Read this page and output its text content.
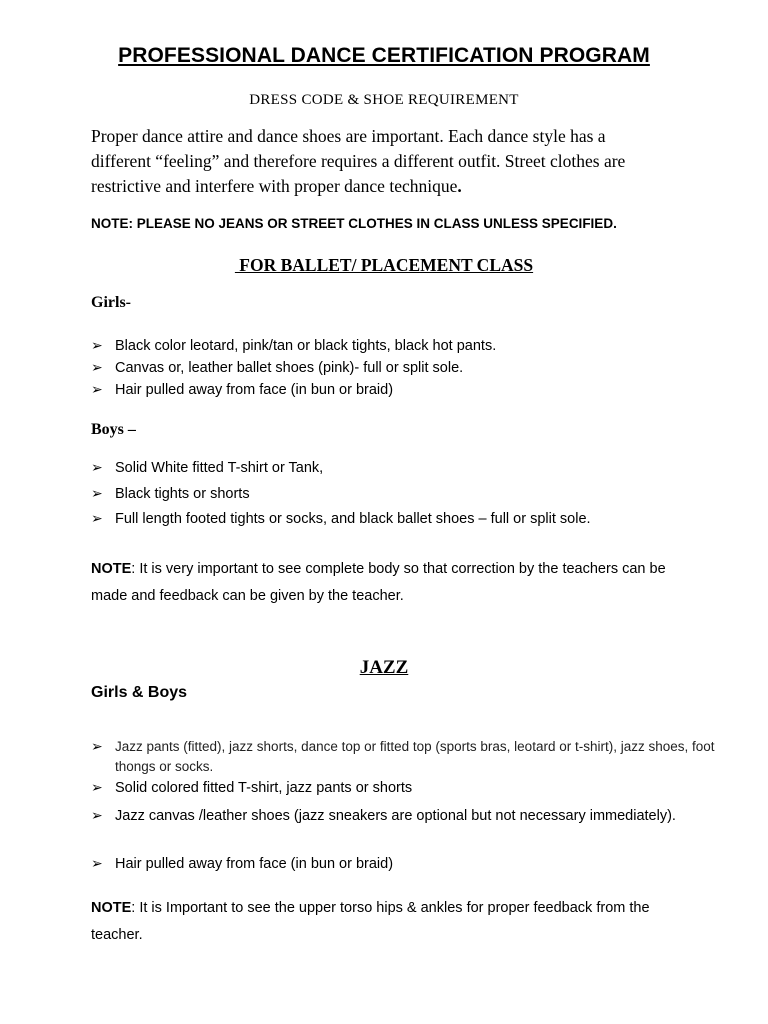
PROFESSIONAL DANCE CERTIFICATION PROGRAM
DRESS CODE & SHOE REQUIREMENT
Proper dance attire and dance shoes are important. Each dance style has a
different “feeling” and therefore requires a different outfit. Street clothes are
restrictive and interfere with proper dance technique.
NOTE: PLEASE NO JEANS OR STREET CLOTHES IN CLASS UNLESS SPECIFIED.
FOR BALLET/ PLACEMENT CLASS
Girls-
➢ Black color leotard, pink/tan or black tights, black hot pants.
➢ Canvas or, leather ballet shoes (pink)- full or split sole.
➢ Hair pulled away from face (in bun or braid)
Boys –
➢ Solid White fitted T-shirt or Tank,
➢ Black tights or shorts
➢ Full length footed tights or socks, and black ballet shoes – full or split sole.
NOTE: It is very important to see complete body so that correction by the teachers can be made and feedback can be given by the teacher.
JAZZ
Girls & Boys
➢ Jazz pants (fitted), jazz shorts, dance top or fitted top (sports bras, leotard or t-shirt), jazz shoes, foot thongs or socks.
➢ Solid colored fitted T-shirt, jazz pants or shorts
➢ Jazz canvas /leather shoes (jazz sneakers are optional but not necessary immediately).
➢ Hair pulled away from face (in bun or braid)
NOTE: It is Important to see the upper torso hips & ankles for proper feedback from the teacher.
